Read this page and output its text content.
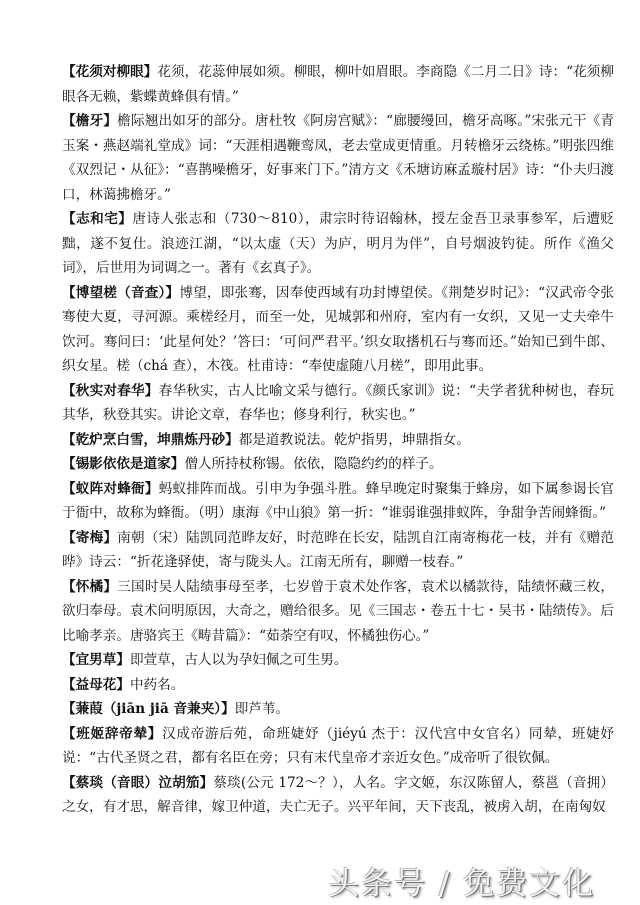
【花须对柳眼】花须，花蕊伸展如须。柳眼，柳叶如眉眼。李商隐《二月二日》诗：“花须柳眼各无赖，紫蝶黄蜂俱有情。”

【檐牙】檐际翘出如牙的部分。唐杜牧《阿房宫赋》：“廊腰缦回，檐牙高啄。”宋张元干《青玉案・燕赵端礼堂成》词：“天涯相遇鞭鸾凤，老去堂成更情重。月转檐牙云绕栋。”明张四维《双烈记・从征》：“喜鹊噪檐牙，好事来门下。”清方文《禾塘访麻孟璇村居》诗：“仆夫归渡口，林蔼拂檐牙。”

【志和宅】唐诗人张志和（730～810），肃宗时待诏翰林，授左金吾卫录事参军，后遭贬黜，遂不复仕。浪迹江湖，“以太虚（天）为庐，明月为伴”，自号烟波钓徒。所作《渔父词》，后世用为词调之一。著有《玄真子》。

【博望槎（音查）】博望，即张骞，因奉使西域有功封博望侯。《荆楚岁时记》：“汉武帝令张骞使大夏，寻河源。乘槎经月，而至一处，见城郭和州府，室内有一女织，又见一丈夫牵牛饮河。骞问曰：‘此星何处？’答曰：‘可问严君平。’织女取搘机石与骞而还。”始知已到牛郎、织女星。槎（chá 查），木筏。杜甫诗：“奉使虚随八月槎”，即用此事。

【秋实对春华】春华秋实，古人比喻文采与德行。《颜氏家训》说：“夫学者犹种树也，春玩其华，秋登其实。讲论文章，春华也；修身利行，秋实也。”

【乾炉烹白雪，坤鼎炼丹砂】都是道教说法。乾炉指男，坤鼎指女。

【锡影依依是道家】僧人所持杖称锡。依依，隐隐约约的样子。

【蚁阵对蜂衙】蚂蚁排阵而战。引申为争强斗胜。蜂早晚定时聚集于蜂房，如下属参谒长官于衙中，故称为蜂衙。（明）康海《中山狼》第一折：“谁弱谁强排蚁阵，争甜争苦闹蜂衙。”

【寄梅】南朝（宋）陆凯同范晔友好，时范晔在长安，陆凯自江南寄梅花一枝，并有《赠范晔》诗云：“折花逢驿使，寄与陇头人。江南无所有，聊赠一枝春。”

【怀橘】三国时吴人陆绩事母至孝，七岁曾于袁术处作客，袁术以橘款待，陆绩怀藏三枚，欲归奉母。袁术问明原因，大奇之，赠给很多。见《三国志・卷五十七・吴书・陆绩传》。后比喻孝亲。唐骆宾王《畴昔篇》：“茹荼空有叹，怀橘独伤心。”

【宜男草】即萱草，古人以为孕妇佩之可生男。

【益母花】中药名。

【蒹葭（jiān jiā 音兼夹）】即芦苇。

【班姬辞帝辇】汉成帝游后苑，命班婕妤（jiéyú 杰于：汉代宫中女官名）同辇，班婕妤说：“古代圣贤之君，都有名臣在旁；只有末代皇帝才亲近女色。”成帝听了很钦佩。

【蔡琰（音眼）泣胡笳】蔡琰(公元 172～？），人名。字文姬，东汉陈留人，蔡邕（音拥）之女，有才思，解音律，嫁卫仲道，夫亡无子。兴平年间，天下丧乱，被虏入胡，在南匈奴

头条号 / 免费文化
